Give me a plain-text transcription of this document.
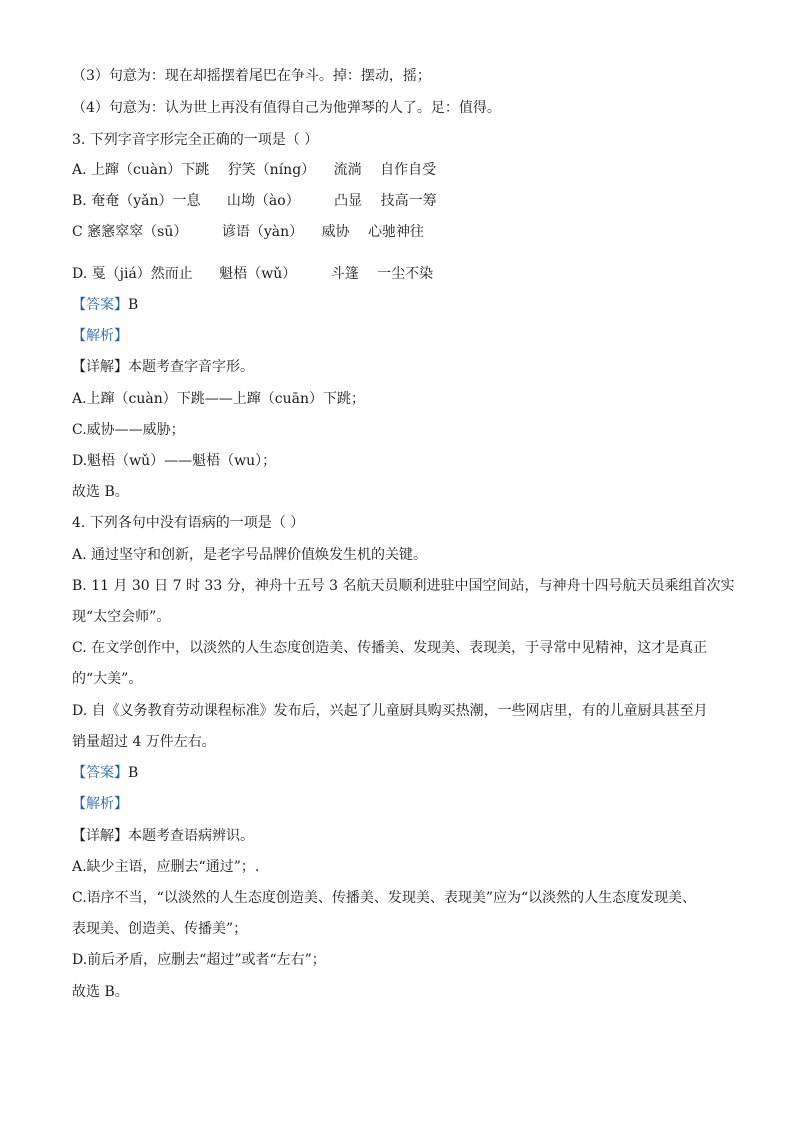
（3）句意为：现在却摇摆着尾巴在争斗。掉：摆动，摇；
（4）句意为：认为世上再没有值得自己为他弹琴的人了。足：值得。
3. 下列字音字形完全正确的一项是（ ）
A. 上蹿（cuàn）下跳 狞笑（níng） 流淌 自作自受
B. 奄奄（yǎn）一息 山坳（ào） 凸显 技高一筹
C 窸窸窣窣（sū） 谚语（yàn） 威协 心驰神往
D. 戛（jiá）然而止 魁梧（wǔ） 斗篷 一尘不染
【答案】B
【解析】
【详解】本题考查字音字形。
A.上蹿（cuàn）下跳——上蹿（cuān）下跳；
C.威协——威胁；
D.魁梧（wǔ）——魁梧（wu）；
故选 B。
4. 下列各句中没有语病的一项是（ ）
A. 通过坚守和创新，是老字号品牌价值焕发生机的关键。
B. 11 月 30 日 7 时 33 分，神舟十五号 3 名航天员顺利进驻中国空间站，与神舟十四号航天员乘组首次实
现“太空会师”。
C. 在文学创作中，以淡然的人生态度创造美、传播美、发现美、表现美，于寻常中见精神，这才是真正
的“大美”。
D. 自《义务教育劳动课程标准》发布后，兴起了儿童厨具购买热潮，一些网店里，有的儿童厨具甚至月
销量超过 4 万件左右。
【答案】B
【解析】
【详解】本题考查语病辨识。
A.缺少主语，应删去“通过”；.
C.语序不当，“以淡然的人生态度创造美、传播美、发现美、表现美”应为“以淡然的人生态度发现美、
表现美、创造美、传播美”；
D.前后矛盾，应删去“超过”或者“左右”；
故选 B。
